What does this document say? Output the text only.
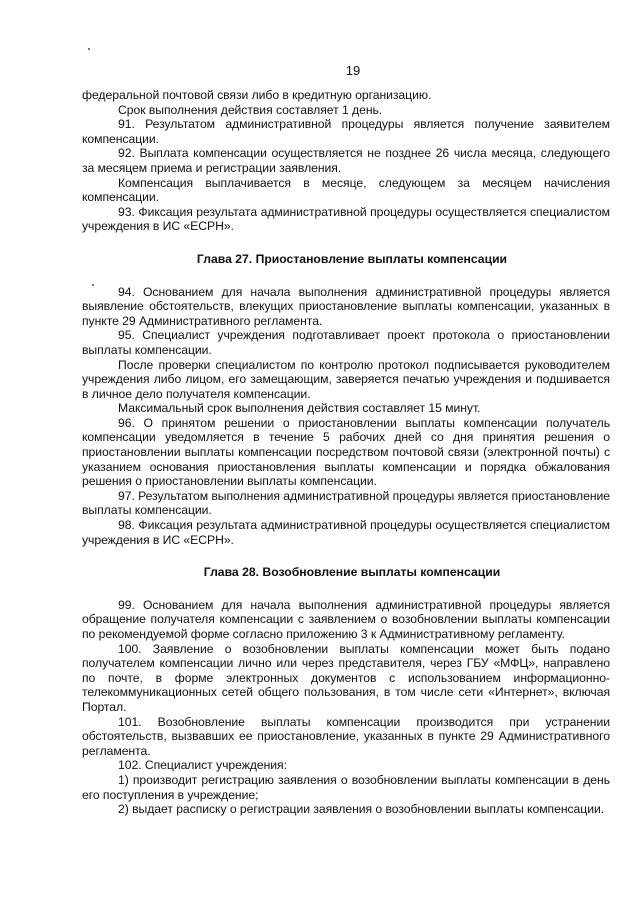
19

федеральной почтовой связи либо в кредитную организацию.

Срок выполнения действия составляет 1 день.

91. Результатом административной процедуры является получение заявителем компенсации.

92. Выплата компенсации осуществляется не позднее 26 числа месяца, следующего за месяцем приема и регистрации заявления.

Компенсация выплачивается в месяце, следующем за месяцем начисления компенсации.

93. Фиксация результата административной процедуры осуществляется специалистом учреждения в ИС «ЕСРН».

Глава 27. Приостановление выплаты компенсации

94. Основанием для начала выполнения административной процедуры является выявление обстоятельств, влекущих приостановление выплаты компенсации, указанных в пункте 29 Административного регламента.

95. Специалист учреждения подготавливает проект протокола о приостановлении выплаты компенсации.

После проверки специалистом по контролю протокол подписывается руководителем учреждения либо лицом, его замещающим, заверяется печатью учреждения и подшивается в личное дело получателя компенсации.

Максимальный срок выполнения действия составляет 15 минут.

96. О принятом решении о приостановлении выплаты компенсации получатель компенсации уведомляется в течение 5 рабочих дней со дня принятия решения о приостановлении выплаты компенсации посредством почтовой связи (электронной почты) с указанием основания приостановления выплаты компенсации и порядка обжалования решения о приостановлении выплаты компенсации.

97. Результатом выполнения административной процедуры является приостановление выплаты компенсации.

98. Фиксация результата административной процедуры осуществляется специалистом учреждения в ИС «ЕСРН».

Глава 28. Возобновление выплаты компенсации

99. Основанием для начала выполнения административной процедуры является обращение получателя компенсации с заявлением о возобновлении выплаты компенсации по рекомендуемой форме согласно приложению 3 к Административному регламенту.

100. Заявление о возобновлении выплаты компенсации может быть подано получателем компенсации лично или через представителя, через ГБУ «МФЦ», направлено по почте, в форме электронных документов с использованием информационно-телекоммуникационных сетей общего пользования, в том числе сети «Интернет», включая Портал.

101. Возобновление выплаты компенсации производится при устранении обстоятельств, вызвавших ее приостановление, указанных в пункте 29 Административного регламента.

102. Специалист учреждения:

1) производит регистрацию заявления о возобновлении выплаты компенсации в день его поступления в учреждение;

2) выдает расписку о регистрации заявления о возобновлении выплаты компенсации.
